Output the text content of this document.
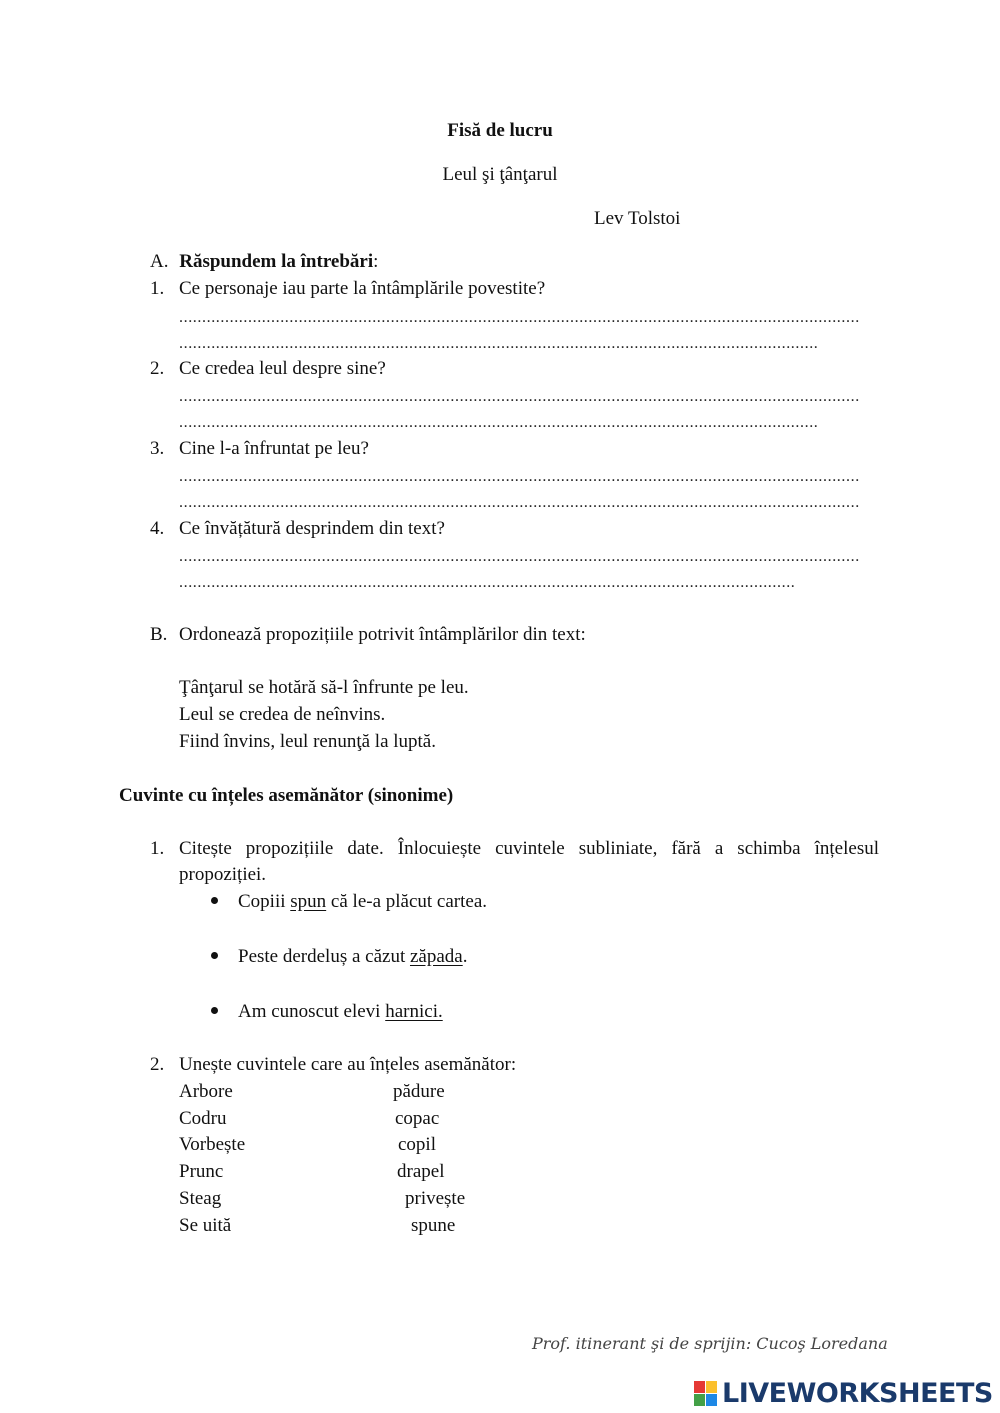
Fisă de lucru
Leul şi ţânţarul
Lev Tolstoi
A. Răspundem la întrebări:
1. Ce personaje iau parte la întâmplările povestite?
....................................................................................................................................................
...........................................................................................................................................
2. Ce credea leul despre sine?
....................................................................................................................................................
...........................................................................................................................................
3. Cine l-a înfruntat pe leu?
....................................................................................................................................................
....................................................................................................................................................
4. Ce învățătură desprindem din text?
....................................................................................................................................................
......................................................................................................................................
B. Ordonează propozițiile potrivit întâmplărilor din text:
Ţânţarul se hotără să-l înfrunte pe leu.
Leul se credea de neînvins.
Fiind învins, leul renunţă la luptă.
Cuvinte cu înțeles asemănător (sinonime)
1. Citește propozițiile date. Înlocuiește cuvintele subliniate, fără a schimba înțelesul
propoziției.
Copiii spun că le-a plăcut cartea.
Peste derdeluș a căzut zăpada.
Am cunoscut elevi harnici.
2. Unește cuvintele care au înțeles asemănător:
Arbore
Codru
Vorbește
Prunc
Steag
Se uită
pădure
copac
copil
drapel
privește
spune
Prof. itinerant şi de sprijin: Cucoş Loredana
LIVEWORKSHEETS
